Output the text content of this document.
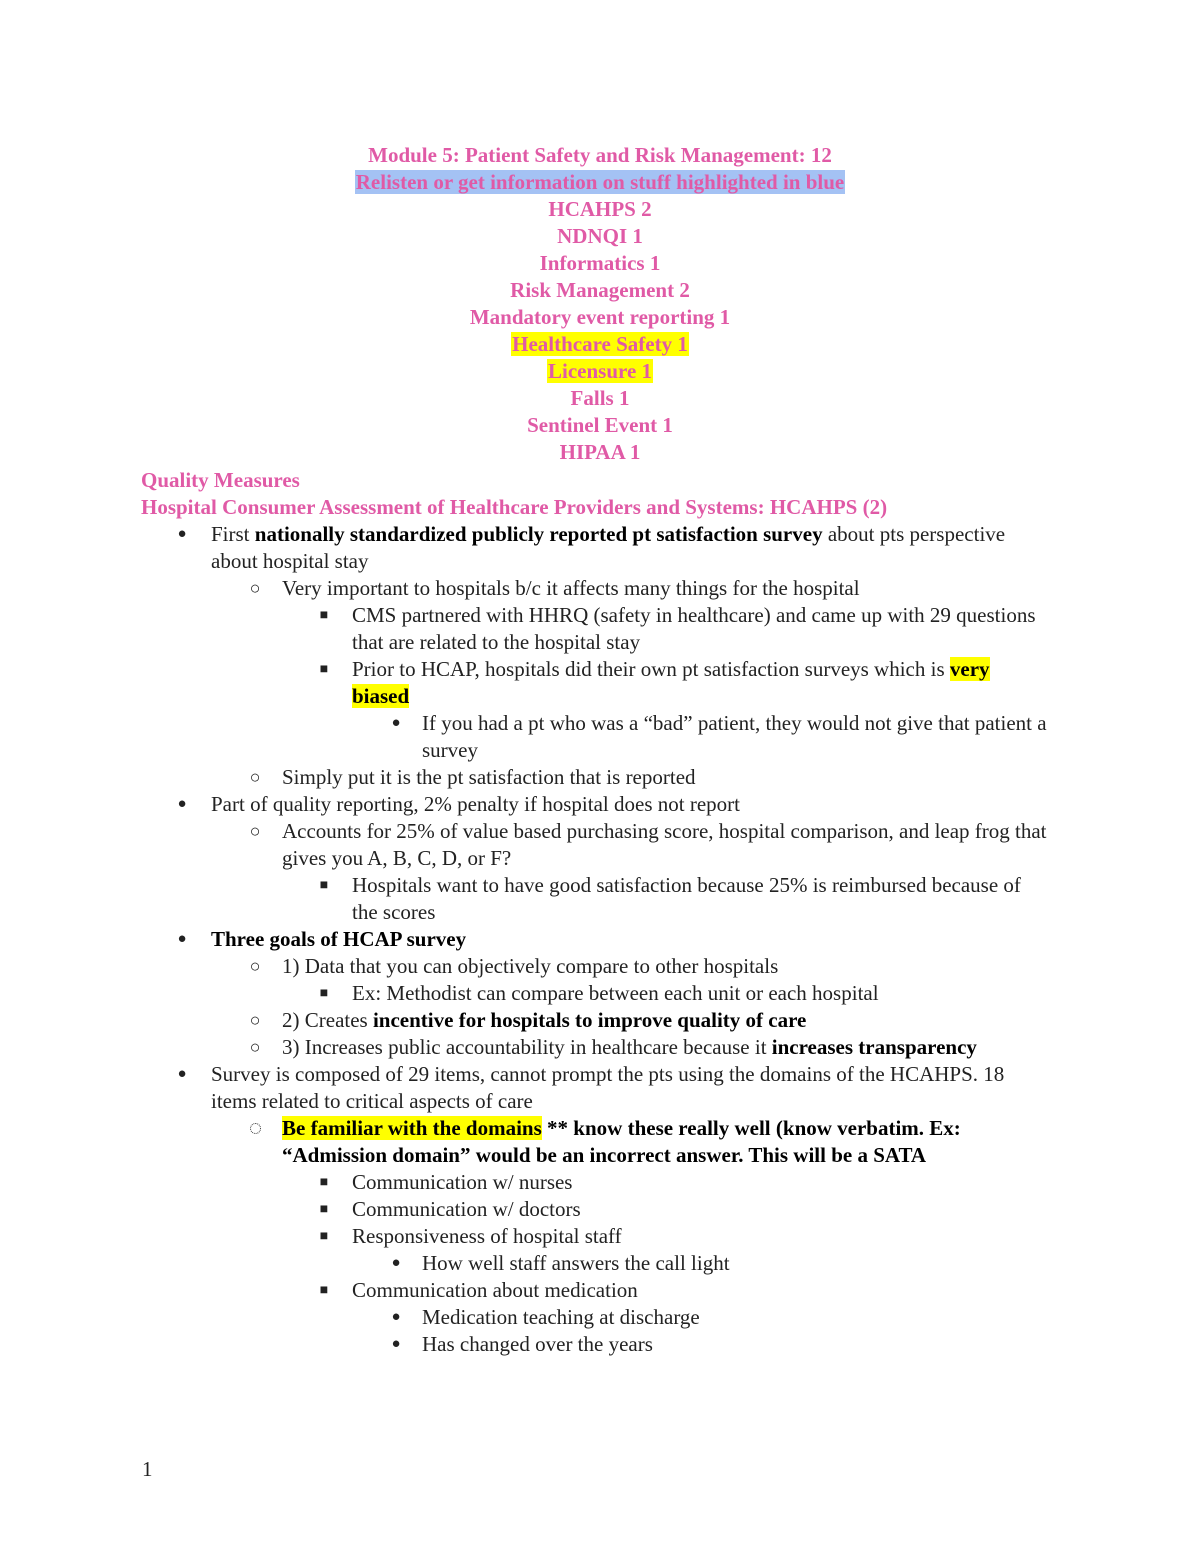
Module 5: Patient Safety and Risk Management: 12
Relisten or get information on stuff highlighted in blue
HCAHPS 2
NDNQI 1
Informatics 1
Risk Management 2
Mandatory event reporting 1
Healthcare Safety 1
Licensure 1
Falls 1
Sentinel Event 1
HIPAA 1
Quality Measures
Hospital Consumer Assessment of Healthcare Providers and Systems: HCAHPS (2)
● First nationally standardized publicly reported pt satisfaction survey about pts perspective about hospital stay
○ Very important to hospitals b/c it affects many things for the hospital
■ CMS partnered with HHRQ (safety in healthcare) and came up with 29 questions that are related to the hospital stay
■ Prior to HCAP, hospitals did their own pt satisfaction surveys which is very biased
● If you had a pt who was a “bad” patient, they would not give that patient a survey
○ Simply put it is the pt satisfaction that is reported
● Part of quality reporting, 2% penalty if hospital does not report
○ Accounts for 25% of value based purchasing score, hospital comparison, and leap frog that gives you A, B, C, D, or F?
■ Hospitals want to have good satisfaction because 25% is reimbursed because of the scores
● Three goals of HCAP survey
○ 1) Data that you can objectively compare to other hospitals
■ Ex: Methodist can compare between each unit or each hospital
○ 2) Creates incentive for hospitals to improve quality of care
○ 3) Increases public accountability in healthcare because it increases transparency
● Survey is composed of 29 items, cannot prompt the pts using the domains of the HCAHPS. 18 items related to critical aspects of care
Be familiar with the domains ** know these really well (know verbatim. Ex: “Admission domain” would be an incorrect answer. This will be a SATA
■ Communication w/ nurses
■ Communication w/ doctors
■ Responsiveness of hospital staff
● How well staff answers the call light
■ Communication about medication
● Medication teaching at discharge
● Has changed over the years
1
